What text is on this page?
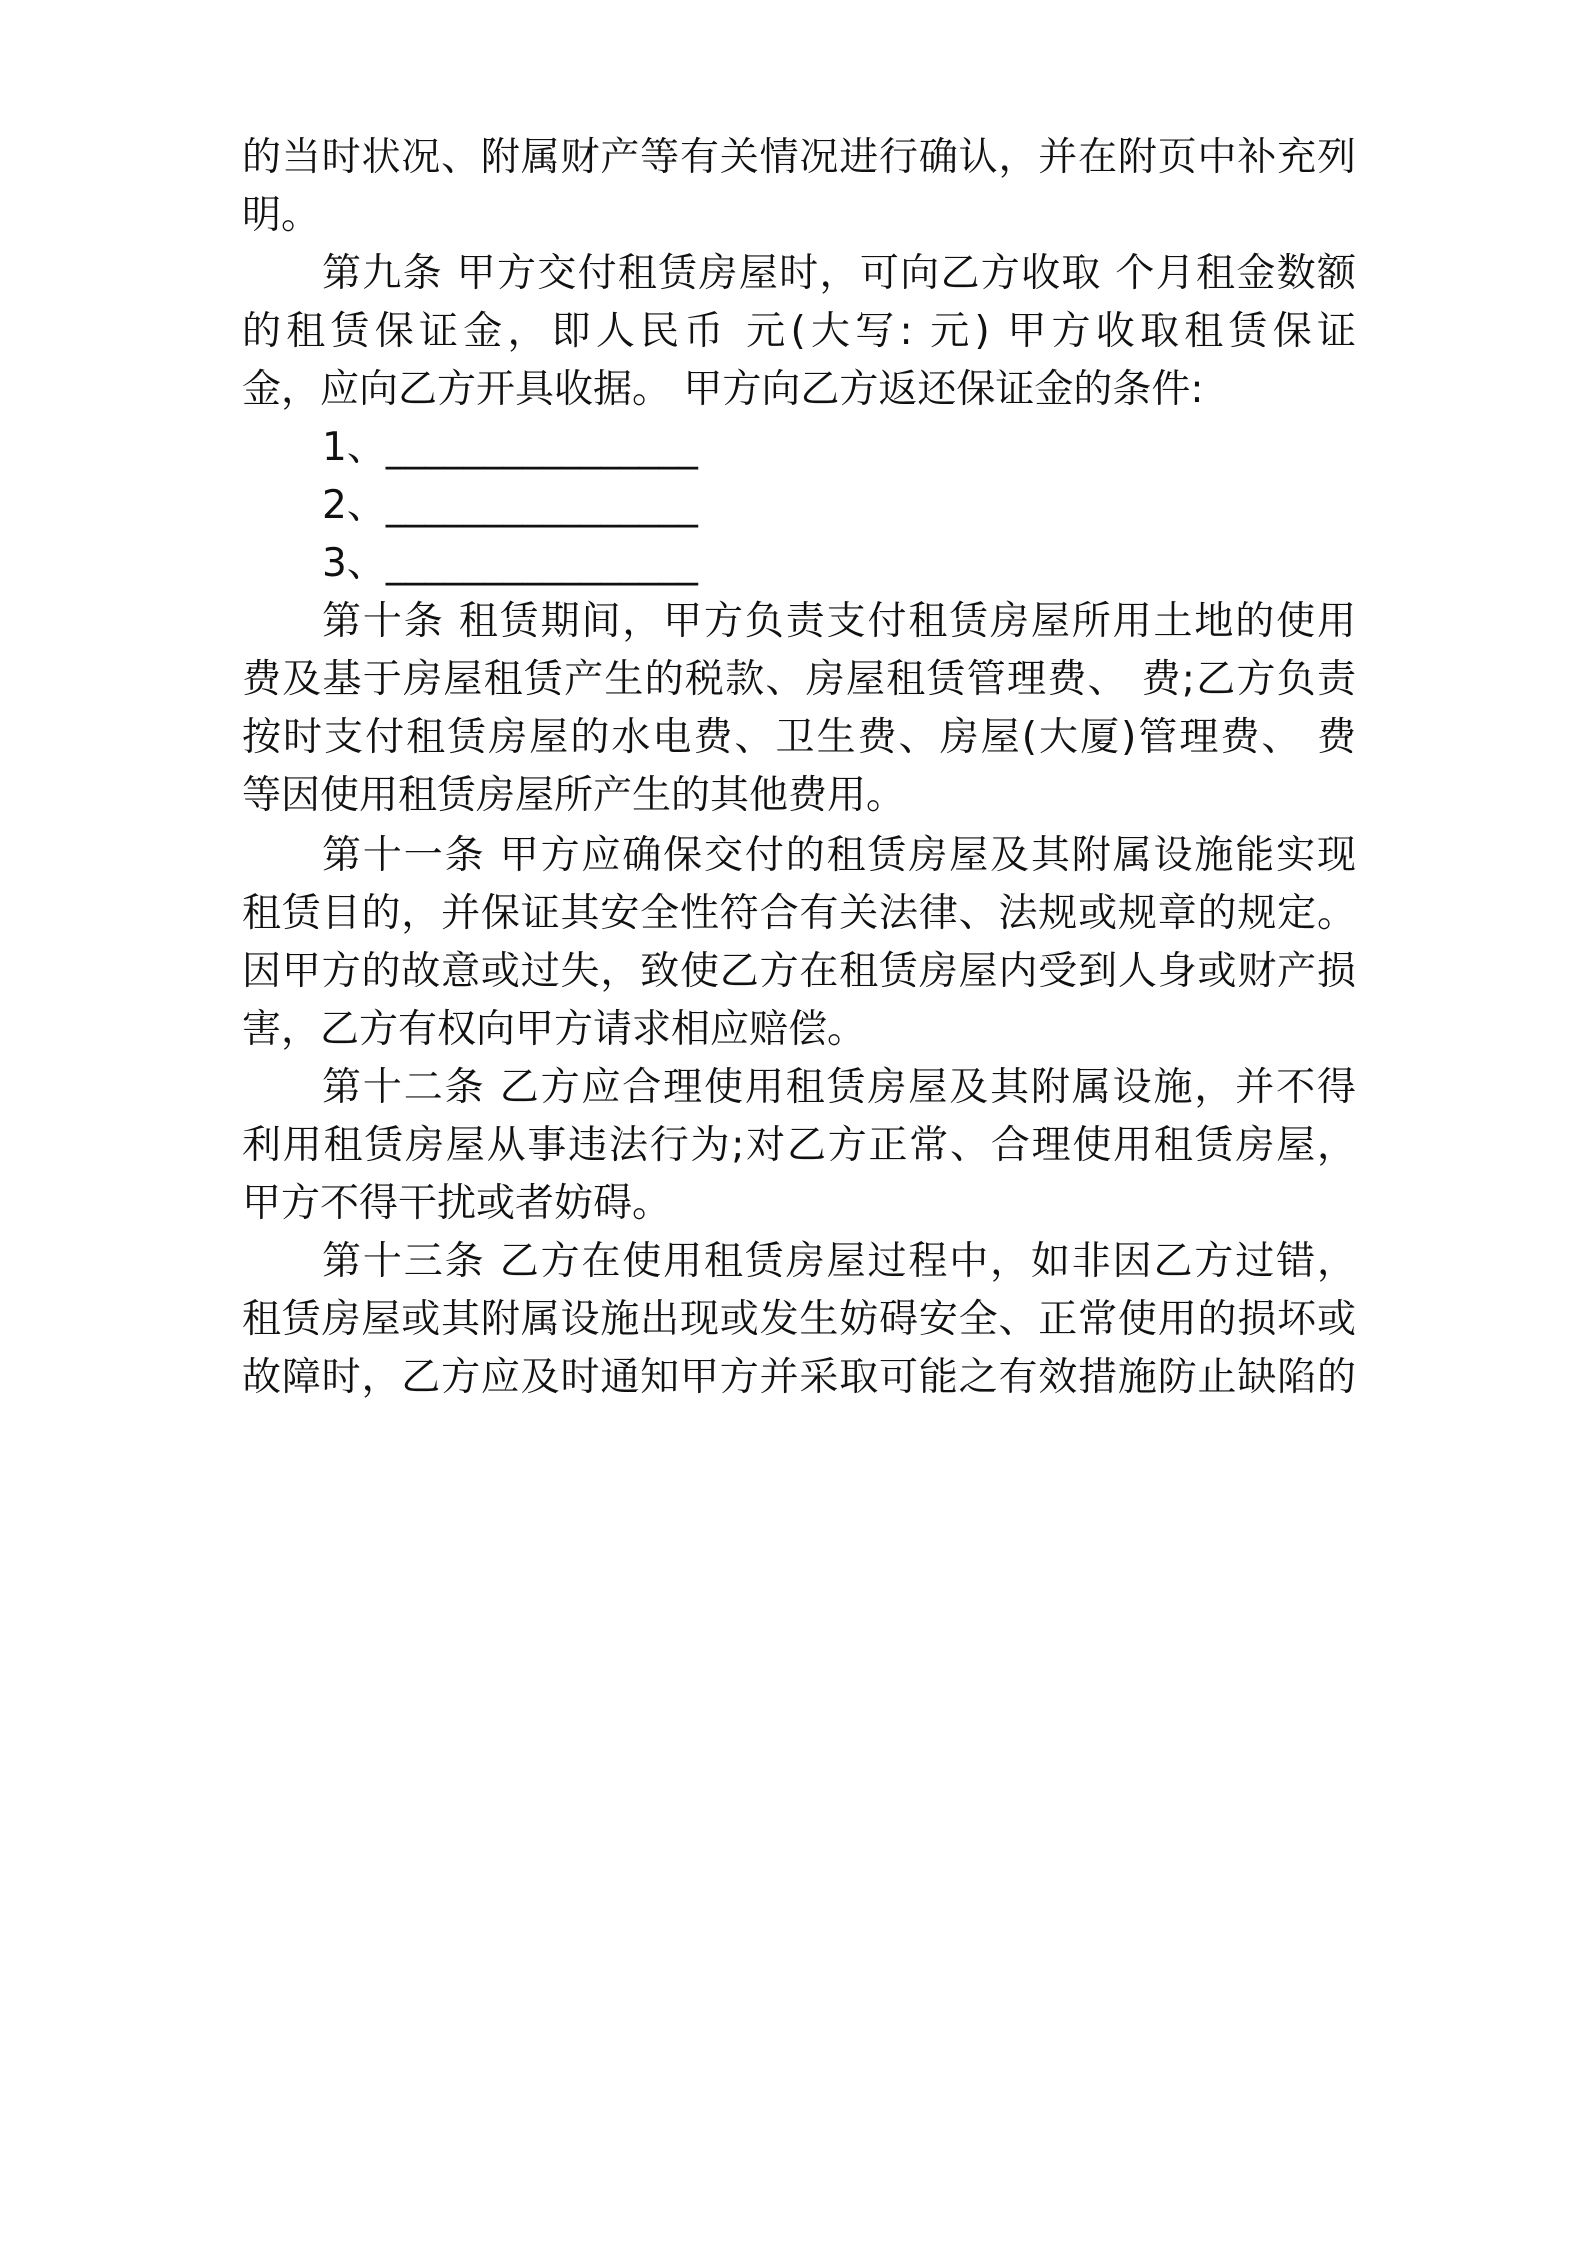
的当时状况、附属财产等有关情况进行确认，并在附页中补充列
明。
第九条 甲方交付租赁房屋时，可向乙方收取 个月租金数额
的租赁保证金，即人民币 元(大写: 元) 甲方收取租赁保证
金，应向乙方开具收据。 甲方向乙方返还保证金的条件:
1、________________
2、________________
3、________________
第十条 租赁期间，甲方负责支付租赁房屋所用土地的使用
费及基于房屋租赁产生的税款、房屋租赁管理费、 费;乙方负责
按时支付租赁房屋的水电费、卫生费、房屋(大厦)管理费、 费
等因使用租赁房屋所产生的其他费用。
第十一条 甲方应确保交付的租赁房屋及其附属设施能实现
租赁目的，并保证其安全性符合有关法律、法规或规章的规定。
因甲方的故意或过失，致使乙方在租赁房屋内受到人身或财产损
害，乙方有权向甲方请求相应赔偿。
第十二条 乙方应合理使用租赁房屋及其附属设施，并不得
利用租赁房屋从事违法行为;对乙方正常、合理使用租赁房屋，
甲方不得干扰或者妨碍。
第十三条 乙方在使用租赁房屋过程中，如非因乙方过错，
租赁房屋或其附属设施出现或发生妨碍安全、正常使用的损坏或
故障时，乙方应及时通知甲方并采取可能之有效措施防止缺陷的
